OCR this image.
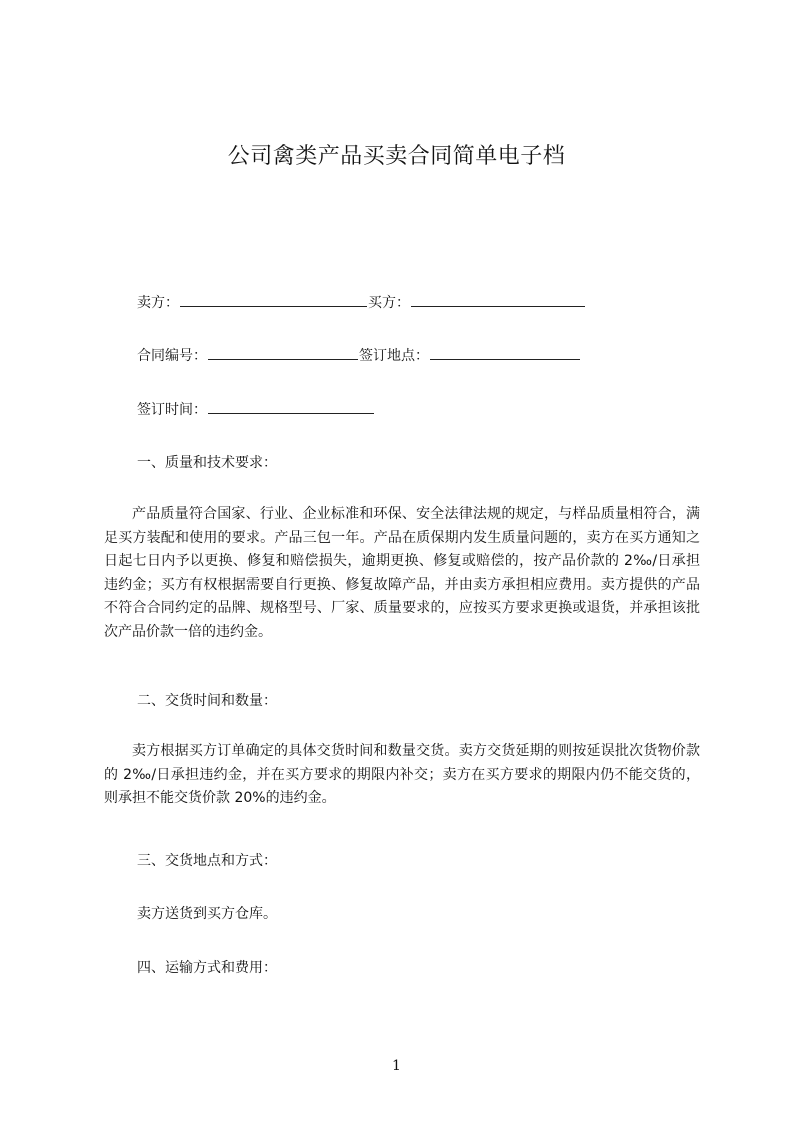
公司禽类产品买卖合同简单电子档
卖方：	买方：
合同编号：	签订地点：
签订时间：
一、质量和技术要求：

产品质量符合国家、行业、企业标准和环保、安全法律法规的规定，与样品质量相符合，满足买方装配和使用的要求。产品三包一年。产品在质保期内发生质量问题的，卖方在买方通知之日起七日内予以更换、修复和赔偿损失，逾期更换、修复或赔偿的，按产品价款的 2‰/日承担违约金；买方有权根据需要自行更换、修复故障产品，并由卖方承担相应费用。卖方提供的产品不符合合同约定的品牌、规格型号、厂家、质量要求的，应按买方要求更换或退货，并承担该批次产品价款一倍的违约金。

二、交货时间和数量：

卖方根据买方订单确定的具体交货时间和数量交货。卖方交货延期的则按延误批次货物价款的 2‰/日承担违约金，并在买方要求的期限内补交；卖方在买方要求的期限内仍不能交货的，则承担不能交货价款 20%的违约金。

三、交货地点和方式：
卖方送货到买方仓库。
四、运输方式和费用：
1
